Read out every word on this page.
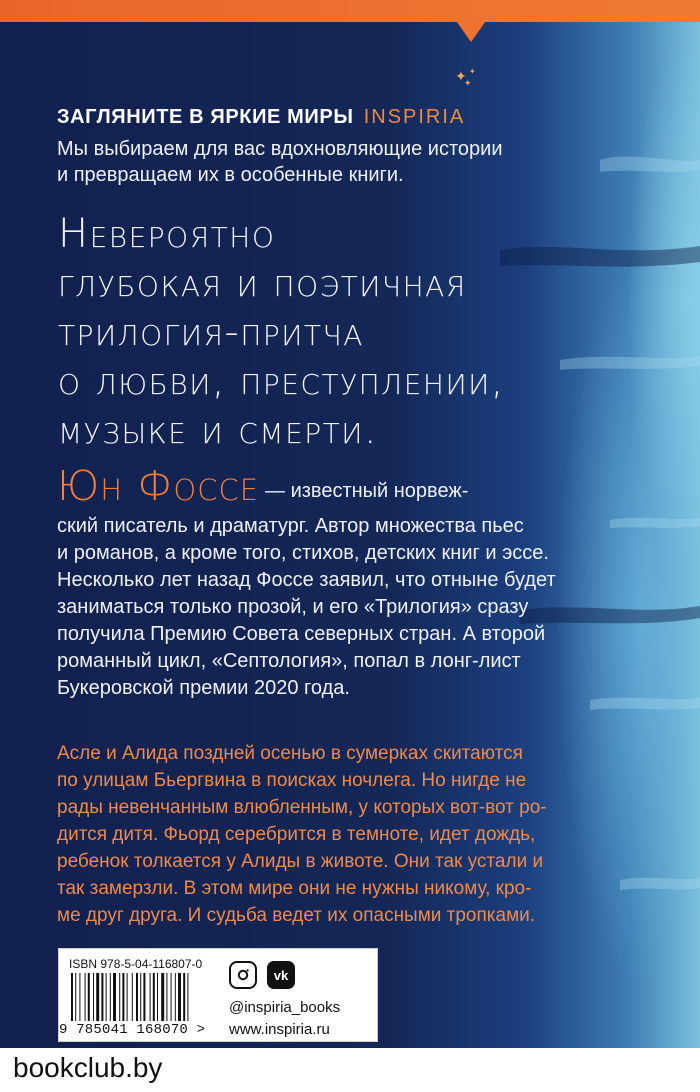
✦ ✦
✦
ЗАГЛЯНИТЕ В ЯРКИЕ МИРЫ INSPIRIA
Мы выбираем для вас вдохновляющие истории
и превращаем их в особенные книги.
Невероятно
глубокая и поэтичная
трилогия-притча
о любви, преступлении,
музыке и смерти.
Юн Фоссе — известный норвеж-
ский писатель и драматург. Автор множества пьес
и романов, а кроме того, стихов, детских книг и эссе.
Несколько лет назад Фоссе заявил, что отныне будет
заниматься только прозой, и его «Трилогия» сразу
получила Премию Совета северных стран. А второй
романный цикл, «Септология», попал в лонг-лист
Букеровской премии 2020 года.
Асле и Алида поздней осенью в сумерках скитаются
по улицам Бьергвина в поисках ночлега. Но нигде не
рады невенчанным влюбленным, у которых вот-вот ро-
дится дитя. Фьорд серебрится в темноте, идет дождь,
ребенок толкается у Алиды в животе. Они так устали и
так замерзли. В этом мире они не нужны никому, кро-
ме друг друга. И судьба ведет их опасными тропками.
ISBN 978-5-04-116807-0
9 785041 168070 >
vk
@inspiria_books
www.inspiria.ru
bookclub.by
